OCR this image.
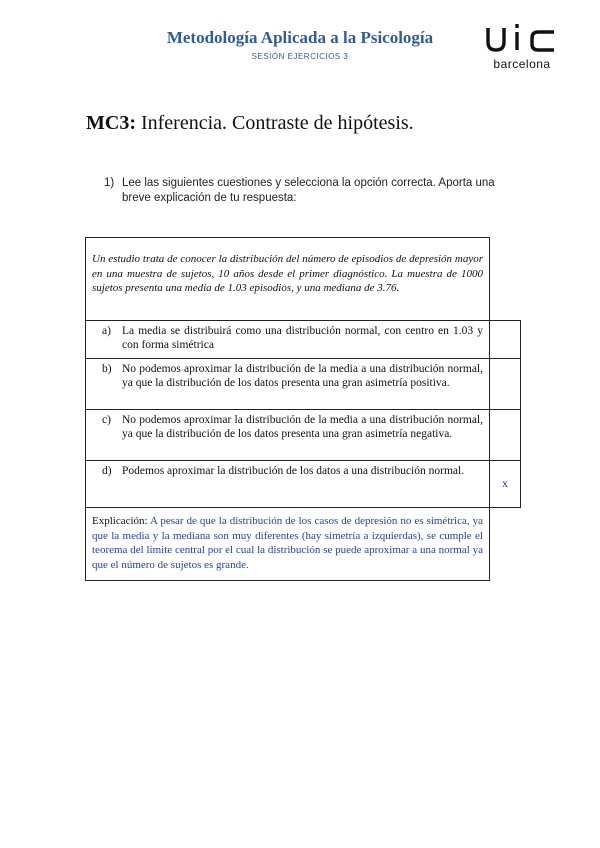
Metodología Aplicada a la Psicología
SESIÓN EJERCICIOS 3
barcelona
MC3: Inferencia. Contraste de hipótesis.
1) Lee las siguientes cuestiones y selecciona la opción correcta. Aporta una breve explicación de tu respuesta:
Un estudio trata de conocer la distribución del número de episodios de depresión mayor en una muestra de sujetos, 10 años desde el primer diagnóstico. La muestra de 1000 sujetos presenta una media de 1.03 episodios, y una mediana de 3.76.
a) La media se distribuirá como una distribución normal, con centro en 1.03 y con forma simétrica
b) No podemos aproximar la distribución de la media a una distribución normal, ya que la distribución de los datos presenta una gran asimetría positiva.
c) No podemos aproximar la distribución de la media a una distribución normal, ya que la distribución de los datos presenta una gran asimetría negativa.
d) Podemos aproximar la distribución de los datos a una distribución normal.
x
Explicación: A pesar de que la distribución de los casos de depresión no es simétrica, ya que la media y la mediana son muy diferentes (hay simetría a izquierdas), se cumple el teorema del límite central por el cual la distribución se puede aproximar a una normal ya que el número de sujetos es grande.
